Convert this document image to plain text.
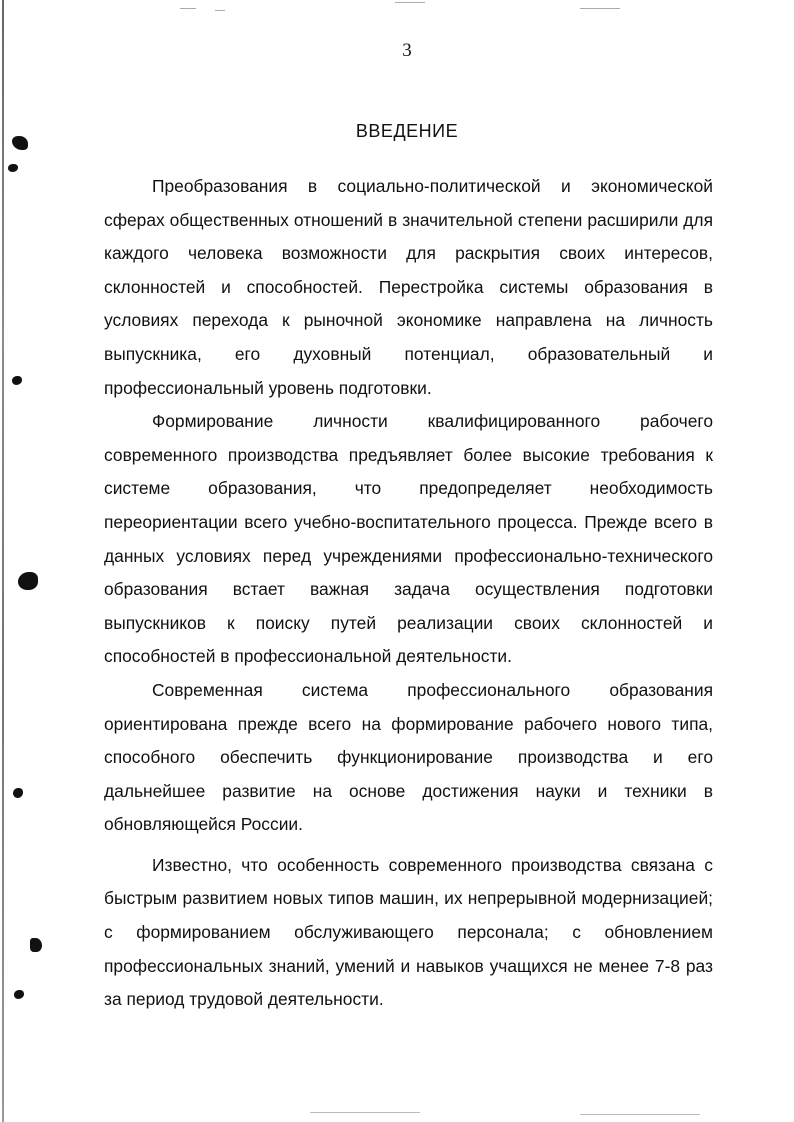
3
ВВЕДЕНИЕ

Преобразования в социально-политической и экономической сферах общественных отношений в значительной степени расширили для каждого человека возможности для раскрытия своих интересов, склонностей и способностей. Перестройка системы образования в условиях перехода к рыночной экономике направлена на личность выпускника, его духовный потенциал, образовательный и профессиональный уровень подготовки.

Формирование личности квалифицированного рабочего современного производства предъявляет более высокие требования к системе образования, что предопределяет необходимость переориентации всего учебно-воспитательного процесса. Прежде всего в данных условиях перед учреждениями профессионально-технического образования встает важная задача осуществления подготовки выпускников к поиску путей реализации своих склонностей и способностей в профессиональной деятельности.

Современная система профессионального образования ориентирована прежде всего на формирование рабочего нового типа, способного обеспечить функционирование производства и его дальнейшее развитие на основе достижения науки и техники в обновляющейся России.

Известно, что особенность современного производства связана с быстрым развитием новых типов машин, их непрерывной модернизацией; с формированием обслуживающего персонала; с обновлением профессиональных знаний, умений и навыков учащихся не менее 7-8 раз за период трудовой деятельности.
